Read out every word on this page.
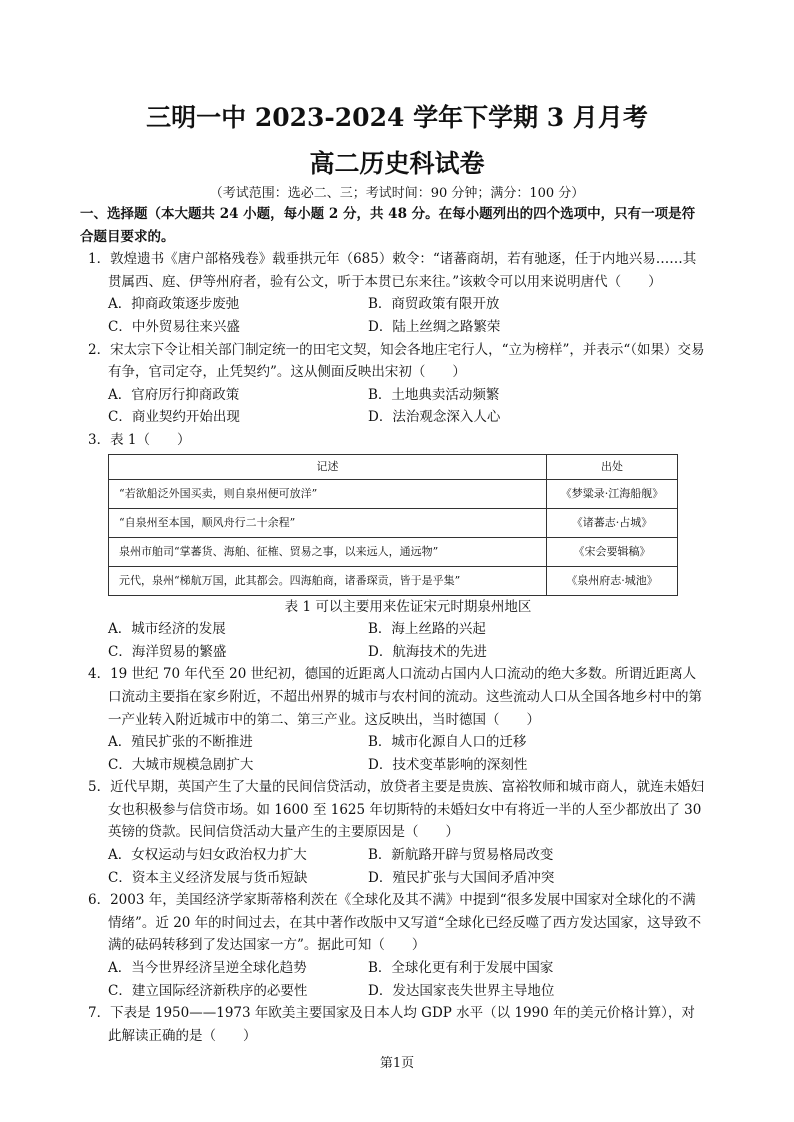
三明一中 2023-2024 学年下学期 3 月月考
高二历史科试卷
（考试范围：选必二、三；考试时间：90 分钟；满分：100 分）

一、选择题（本大题共 24 小题，每小题 2 分，共 48 分。在每小题列出的四个选项中，只有一项是符合题目要求的。

1．敦煌遗书《唐户部格残卷》载垂拱元年（685）敕令：“诸蕃商胡，若有驰逐，任于内地兴易……其贯属西、庭、伊等州府者，验有公文，听于本贯已东来往。”该敕令可以用来说明唐代（　　）

A．抑商政策逐步废弛	B．商贸政策有限开放

C．中外贸易往来兴盛	D．陆上丝绸之路繁荣

2．宋太宗下令让相关部门制定统一的田宅文契，知会各地庄宅行人，“立为榜样”，并表示“（如果）交易有争，官司定夺，止凭契约”。这从侧面反映出宋初（　　）

A．官府厉行抑商政策	B．土地典卖活动频繁

C．商业契约开始出现	D．法治观念深入人心

3．表 1（　　）

记述	出处
“若欲船泛外国买卖，则自泉州便可放洋”	《梦粱录·江海船舰》
“自泉州至本国，顺风舟行二十余程”	《诸蕃志·占城》
泉州市舶司“掌蕃货、海舶、征榷、贸易之事，以来远人，通远物”	《宋会要辑稿》
元代，泉州“梯航万国，此其都会。四海舶商，诸番琛贡，皆于是乎集”	《泉州府志·城池》

表 1 可以主要用来佐证宋元时期泉州地区

A．城市经济的发展	B．海上丝路的兴起

C．海洋贸易的繁盛	D．航海技术的先进

4．19 世纪 70 年代至 20 世纪初，德国的近距离人口流动占国内人口流动的绝大多数。所谓近距离人口流动主要指在家乡附近，不超出州界的城市与农村间的流动。这些流动人口从全国各地乡村中的第一产业转入附近城市中的第二、第三产业。这反映出，当时德国（　　）

A．殖民扩张的不断推进	B．城市化源自人口的迁移

C．大城市规模急剧扩大	D．技术变革影响的深刻性

5．近代早期，英国产生了大量的民间信贷活动，放贷者主要是贵族、富裕牧师和城市商人，就连未婚妇女也积极参与信贷市场。如 1600 至 1625 年切斯特的未婚妇女中有将近一半的人至少都放出了 30 英镑的贷款。民间信贷活动大量产生的主要原因是（　　）

A．女权运动与妇女政治权力扩大	B．新航路开辟与贸易格局改变

C．资本主义经济发展与货币短缺	D．殖民扩张与大国间矛盾冲突

6．2003 年，美国经济学家斯蒂格利茨在《全球化及其不满》中提到“很多发展中国家对全球化的不满情绪”。近 20 年的时间过去，在其中著作改版中又写道“全球化已经反噬了西方发达国家，这导致不满的砝码转移到了发达国家一方”。据此可知（　　）

A．当今世界经济呈逆全球化趋势	B．全球化更有利于发展中国家

C．建立国际经济新秩序的必要性	D．发达国家丧失世界主导地位

7．下表是 1950——1973 年欧美主要国家及日本人均 GDP 水平（以 1990 年的美元价格计算），对此解读正确的是（　　）

第1页
